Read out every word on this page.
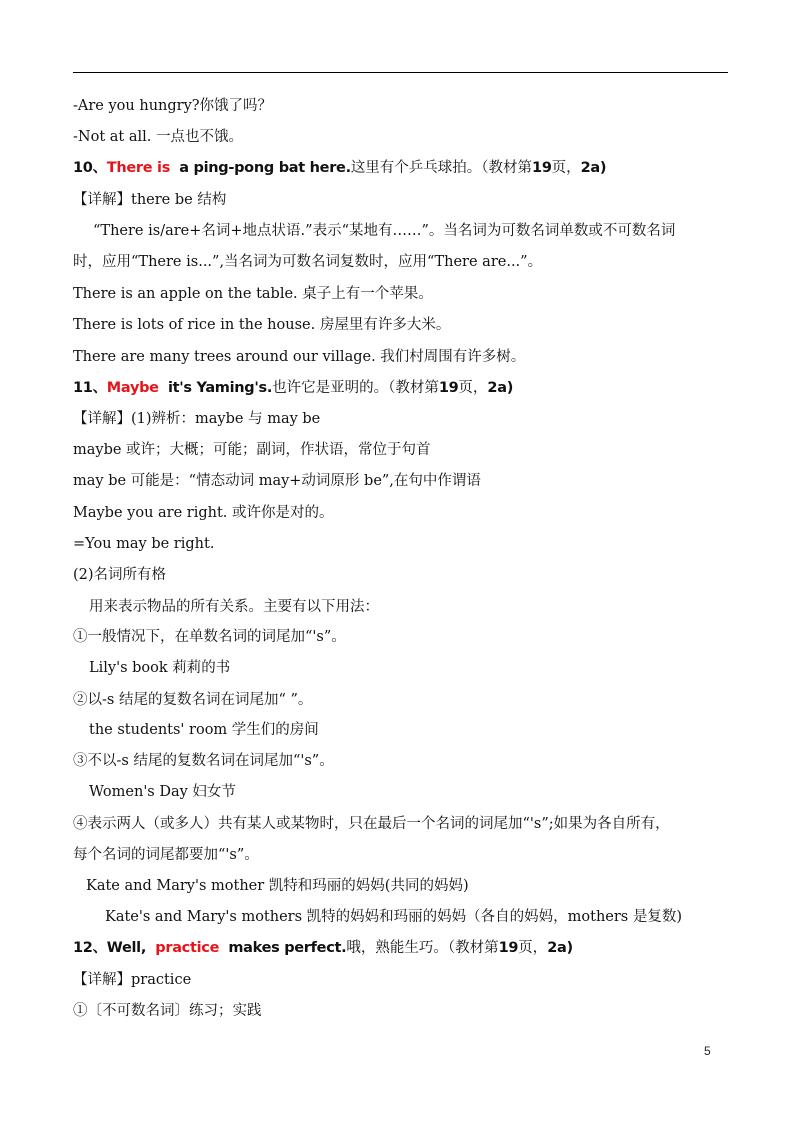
-Are you hungry?你饿了吗？
-Not at all. 一点也不饿。
10、There is a ping-pong bat here.这里有个乒乓球拍。（教材第19页，2a)
【详解】there be 结构
“There is/are+名词+地点状语.”表示“某地有……”。当名词为可数名词单数或不可数名词
时，应用“There is...”,当名词为可数名词复数时，应用“There are...”。
There is an apple on the table. 桌子上有一个苹果。
There is lots of rice in the house. 房屋里有许多大米。
There are many trees around our village. 我们村周围有许多树。
11、Maybe it's Yaming's.也许它是亚明的。（教材第19页，2a)
【详解】(1)辨析：maybe 与 may be
maybe 或许；大概；可能；副词，作状语，常位于句首
may be 可能是：“情态动词 may+动词原形 be”,在句中作谓语
Maybe you are right. 或许你是对的。
=You may be right.
(2)名词所有格
用来表示物品的所有关系。主要有以下用法：
①一般情况下，在单数名词的词尾加“'s”。
Lily's book 莉莉的书
②以-s 结尾的复数名词在词尾加“ ”。
the students' room 学生们的房间
③不以-s 结尾的复数名词在词尾加“'s”。
Women's Day 妇女节
④表示两人（或多人）共有某人或某物时，只在最后一个名词的词尾加“'s”;如果为各自所有，
每个名词的词尾都要加“'s”。
Kate and Mary's mother 凯特和玛丽的妈妈(共同的妈妈)
Kate's and Mary's mothers 凯特的妈妈和玛丽的妈妈（各自的妈妈，mothers 是复数)
12、Well, practice makes perfect.哦，熟能生巧。（教材第19页，2a)
【详解】practice
①〔不可数名词〕练习；实践
5
